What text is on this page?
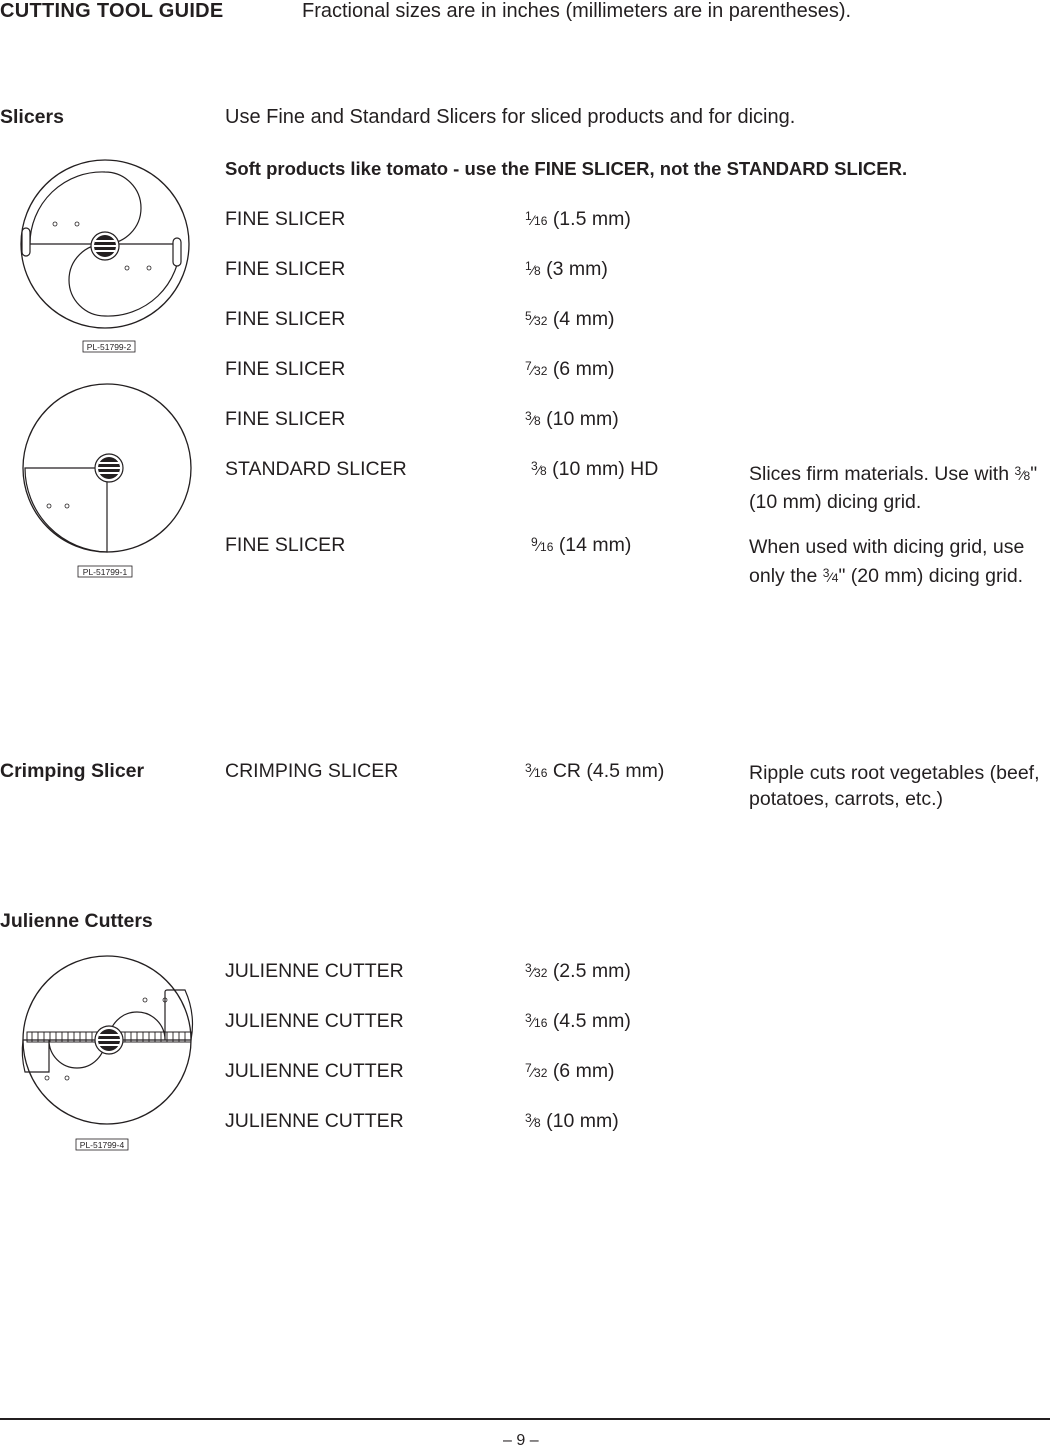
CUTTING TOOL GUIDE	Fractional sizes are in inches (millimeters are in parentheses).
Slicers	Use Fine and Standard Slicers for sliced products and for dicing.
Soft products like tomato - use the FINE SLICER, not the STANDARD SLICER.
FINE SLICER	1⁄16 (1.5 mm)
FINE SLICER	1⁄8 (3 mm)
FINE SLICER	5⁄32 (4 mm)
FINE SLICER	7⁄32 (6 mm)
FINE SLICER	3⁄8 (10 mm)
STANDARD SLICER	3⁄8 (10 mm) HD	Slices firm materials. Use with 3⁄8" (10 mm) dicing grid.
FINE SLICER	9⁄16 (14 mm)	When used with dicing grid, use only the 3⁄4" (20 mm) dicing grid.
PL-51799-2
PL-51799-1
Crimping Slicer	CRIMPING SLICER	3⁄16 CR (4.5 mm)	Ripple cuts root vegetables (beef, potatoes, carrots, etc.)
Julienne Cutters
JULIENNE CUTTER	3⁄32 (2.5 mm)
JULIENNE CUTTER	3⁄16 (4.5 mm)
JULIENNE CUTTER	7⁄32 (6 mm)
JULIENNE CUTTER	3⁄8 (10 mm)
PL-51799-4
– 9 –
